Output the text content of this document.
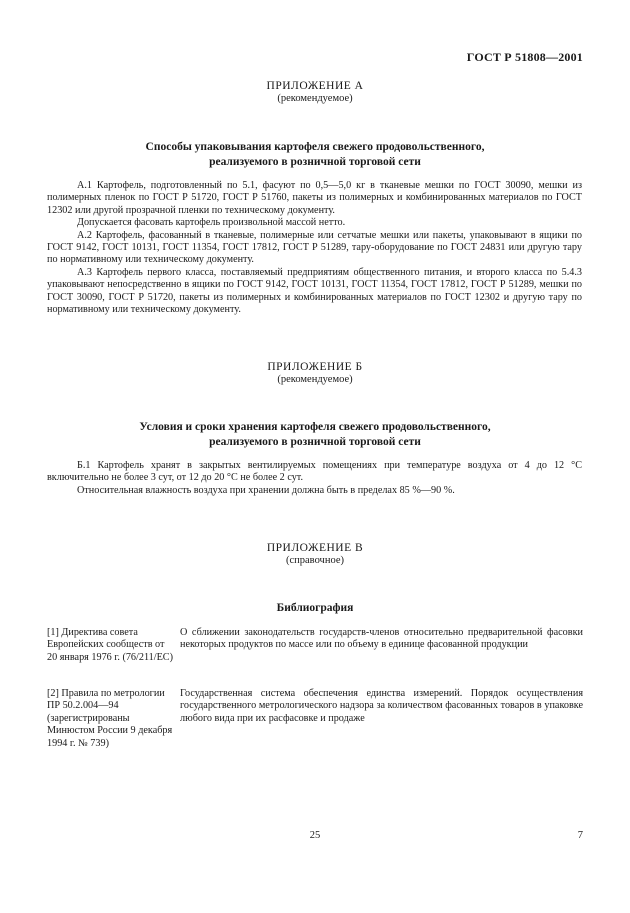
ГОСТ Р 51808—2001
ПРИЛОЖЕНИЕ А
(рекомендуемое)
Способы упаковывания картофеля свежего продовольственного,
реализуемого в розничной торговой сети

А.1 Картофель, подготовленный по 5.1, фасуют по 0,5—5,0 кг в тканевые мешки по ГОСТ 30090, мешки из полимерных пленок по ГОСТ Р 51720, ГОСТ Р 51760, пакеты из полимерных и комбинированных материалов по ГОСТ 12302 или другой прозрачной пленки по техническому документу.

Допускается фасовать картофель произвольной массой нетто.

А.2 Картофель, фасованный в тканевые, полимерные или сетчатые мешки или пакеты, упаковывают в ящики по ГОСТ 9142, ГОСТ 10131, ГОСТ 11354, ГОСТ 17812, ГОСТ Р 51289, тару-оборудование по ГОСТ 24831 или другую тару по нормативному или техническому документу.

А.3 Картофель первого класса, поставляемый предприятиям общественного питания, и второго класса по 5.4.3 упаковывают непосредственно в ящики по ГОСТ 9142, ГОСТ 10131, ГОСТ 11354, ГОСТ 17812, ГОСТ Р 51289, мешки по ГОСТ 30090, ГОСТ Р 51720, пакеты из полимерных и комбинированных материалов по ГОСТ 12302 и другую тару по нормативному или техническому документу.

ПРИЛОЖЕНИЕ Б
(рекомендуемое)
Условия и сроки хранения картофеля свежего продовольственного,
реализуемого в розничной торговой сети

Б.1 Картофель хранят в закрытых вентилируемых помещениях при температуре воздуха от 4 до 12 °С включительно не более 3 сут, от 12 до 20 °С не более 2 сут.

Относительная влажность воздуха при хранении должна быть в пределах 85 %—90 %.

ПРИЛОЖЕНИЕ В
(справочное)
Библиография
[1] Директива совета Европейских сообществ от 20 января 1976 г. (76/211/ЕС)
О сближении законодательств государств-членов относительно предварительной фасовки некоторых продуктов по массе или по объему в единице фасованной продукции
[2] Правила по метрологии ПР 50.2.004—94 (зарегистрированы Минюстом России 9 декабря 1994 г. № 739)
Государственная система обеспечения единства измерений. Порядок осуществления государственного метрологического надзора за количеством фасованных товаров в упаковке любого вида при их расфасовке и продаже
25	7
